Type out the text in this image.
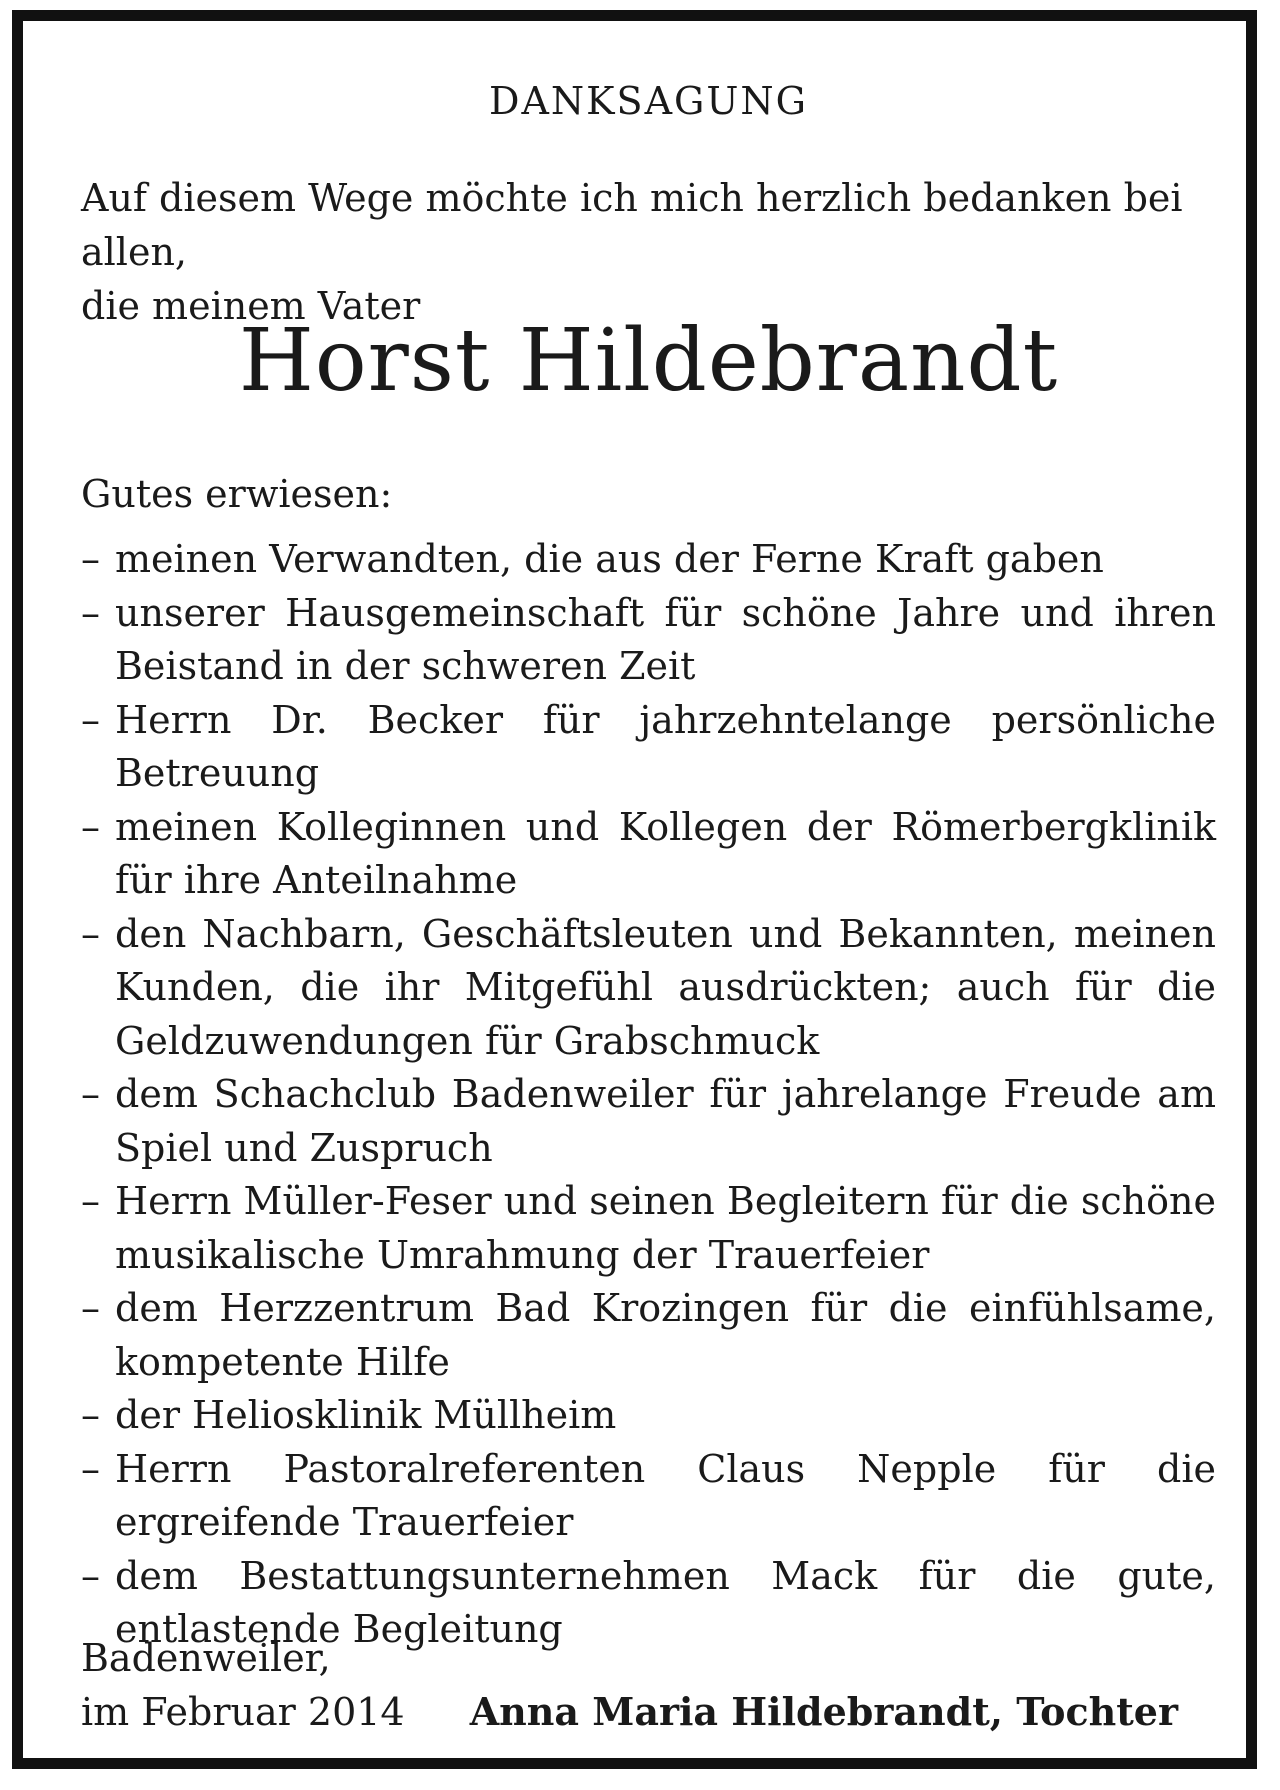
DANKSAGUNG

Auf diesem Wege möchte ich mich herzlich bedanken bei allen,
die meinem Vater

Horst Hildebrandt
Gutes erwiesen:
– meinen Verwandten, die aus der Ferne Kraft gaben
– unserer Hausgemeinschaft für schöne Jahre und ihren Beistand in der schweren Zeit
– Herrn Dr. Becker für jahrzehntelange persönliche Betreuung
– meinen Kolleginnen und Kollegen der Römerbergklinik für ihre Anteilnahme
– den Nachbarn, Geschäftsleuten und Bekannten, meinen Kunden, die ihr Mitgefühl ausdrückten; auch für die Geldzuwendungen für Grabschmuck
– dem Schachclub Badenweiler für jahrelange Freude am Spiel und Zuspruch
– Herrn Müller-Feser und seinen Begleitern für die schöne musikalische Umrahmung der Trauerfeier
– dem Herzzentrum Bad Krozingen für die einfühlsame, kompetente Hilfe
– der Heliosklinik Müllheim
– Herrn Pastoralreferenten Claus Nepple für die ergreifende Trauerfeier
– dem Bestattungsunternehmen Mack für die gute, entlastende Begleitung
Badenweiler,
im Februar 2014 Anna Maria Hildebrandt, Tochter
